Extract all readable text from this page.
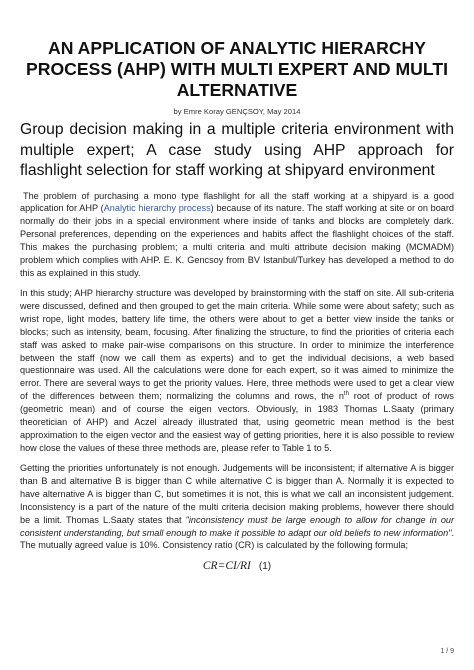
AN APPLICATION OF ANALYTIC HIERARCHY PROCESS (AHP) WITH MULTI EXPERT AND MULTI ALTERNATIVE

by Emre Koray GENÇSOY, May 2014

Group decision making in a multiple criteria environment with multiple expert; A case study using AHP approach for flashlight selection for staff working at shipyard environment

The problem of purchasing a mono type flashlight for all the staff working at a shipyard is a good application for AHP (Analytic hierarchy process) because of its nature. The staff working at site or on board normally do their jobs in a special environment where inside of tanks and blocks are completely dark. Personal preferences, depending on the experiences and habits affect the flashlight choices of the staff. This makes the purchasing problem; a multi criteria and multi attribute decision making (MCMADM) problem which complies with AHP. E. K. Gencsoy from BV Istanbul/Turkey has developed a method to do this as explained in this study.

In this study; AHP hierarchy structure was developed by brainstorming with the staff on site. All sub-criteria were discussed, defined and then grouped to get the main criteria. While some were about safety; such as wrist rope, light modes, battery life time, the others were about to get a better view inside the tanks or blocks; such as intensity, beam, focusing. After finalizing the structure, to find the priorities of criteria each staff was asked to make pair-wise comparisons on this structure. In order to minimize the interference between the staff (now we call them as experts) and to get the individual decisions, a web based questionnaire was used. All the calculations were done for each expert, so it was aimed to minimize the error. There are several ways to get the priority values. Here, three methods were used to get a clear view of the differences between them; normalizing the columns and rows, the $n^{th}$ root of product of rows (geometric mean) and of course the eigen vectors. Obviously, in 1983 Thomas L.Saaty (primary theoretician of AHP) and Aczel already illustrated that, using geometric mean method is the best approximation to the eigen vector and the easiest way of getting priorities, here it is also possible to review how close the values of these three methods are, please refer to Table 1 to 5.

Getting the priorities unfortunately is not enough. Judgements will be inconsistent; if alternative A is bigger than B and alternative B is bigger than C while alternative C is bigger than A. Normally it is expected to have alternative A is bigger than C, but sometimes it is not, this is what we call an inconsistent judgement. Inconsistency is a part of the nature of the multi criteria decision making problems, however there should be a limit. Thomas L.Saaty states that "inconsistency must be large enough to allow for change in our consistent understanding, but small enough to make it possible to adapt our old beliefs to new information". The mutually agreed value is 10%. Consistency ratio (CR) is calculated by the following formula;

CR=CI/RI (1)
1 / 9
